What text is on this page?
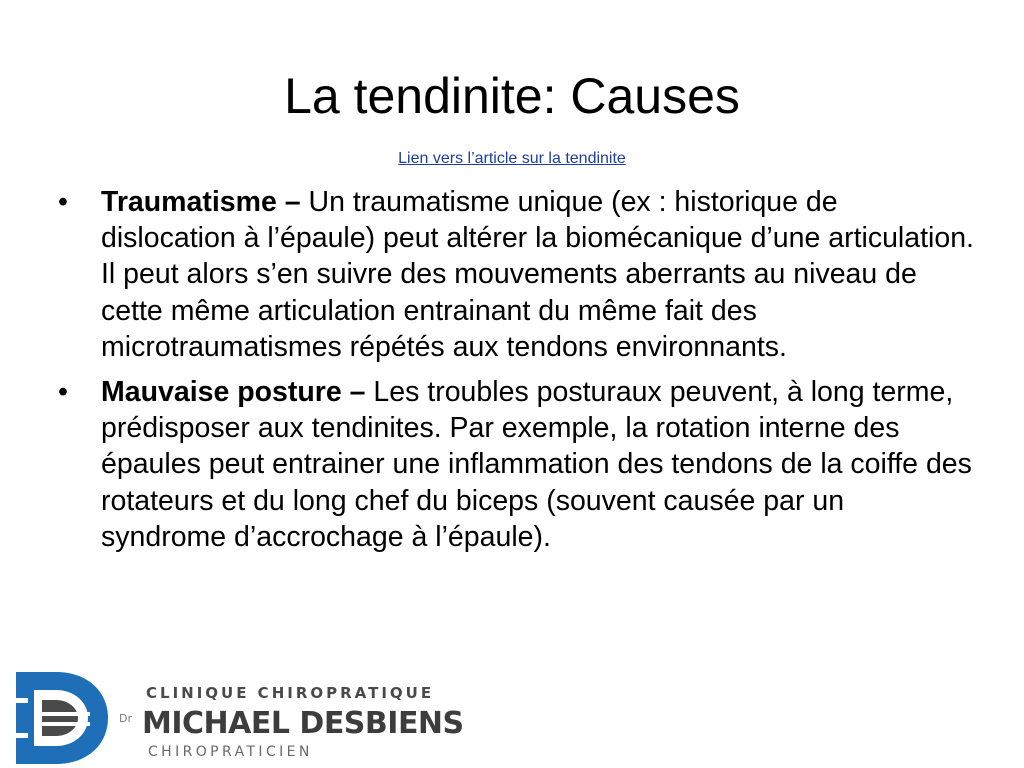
La tendinite: Causes
Lien vers l’article sur la tendinite
• Traumatisme – Un traumatisme unique (ex : historique de dislocation à l’épaule) peut altérer la biomécanique d’une articulation. Il peut alors s’en suivre des mouvements aberrants au niveau de cette même articulation entrainant du même fait des microtraumatismes répétés aux tendons environnants.
• Mauvaise posture – Les troubles posturaux peuvent, à long terme, prédisposer aux tendinites. Par exemple, la rotation interne des épaules peut entrainer une inflammation des tendons de la coiffe des rotateurs et du long chef du biceps (souvent causée par un syndrome d’accrochage à l’épaule).
CLINIQUE CHIROPRATIQUE
Dr MICHAEL DESBIENS
CHIROPRATICIEN
